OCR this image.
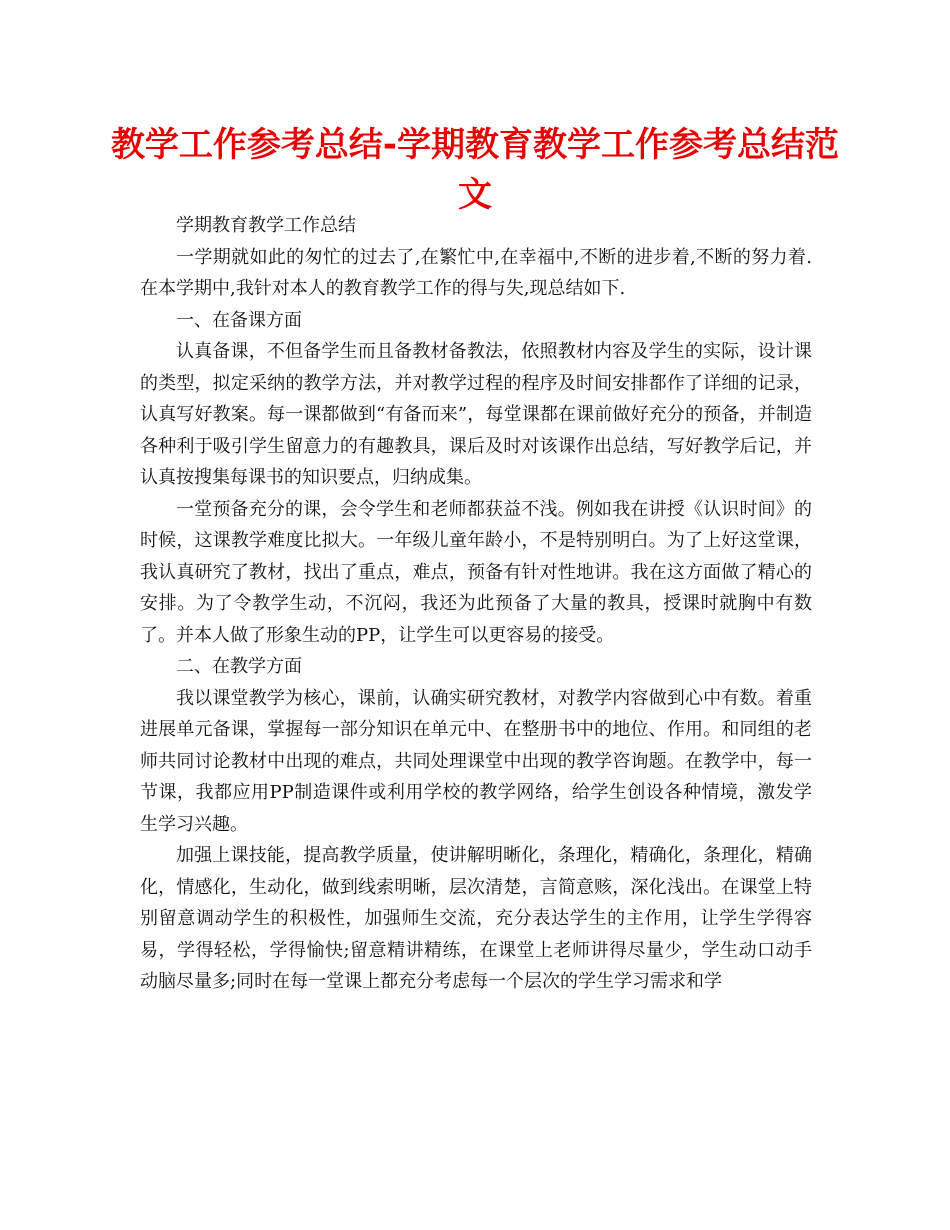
教学工作参考总结-学期教育教学工作参考总结范文

学期教育教学工作总结

一学期就如此的匆忙的过去了,在繁忙中,在幸福中,不断的进步着,不断的努力着.在本学期中,我针对本人的教育教学工作的得与失,现总结如下.

一、在备课方面

认真备课，不但备学生而且备教材备教法，依照教材内容及学生的实际，设计课的类型，拟定采纳的教学方法，并对教学过程的程序及时间安排都作了详细的记录，认真写好教案。每一课都做到“有备而来”，每堂课都在课前做好充分的预备，并制造各种利于吸引学生留意力的有趣教具，课后及时对该课作出总结，写好教学后记，并认真按搜集每课书的知识要点，归纳成集。

一堂预备充分的课，会令学生和老师都获益不浅。例如我在讲授《认识时间》的时候，这课教学难度比拟大。一年级儿童年龄小，不是特别明白。为了上好这堂课，我认真研究了教材，找出了重点，难点，预备有针对性地讲。我在这方面做了精心的安排。为了令教学生动，不沉闷，我还为此预备了大量的教具，授课时就胸中有数了。并本人做了形象生动的PP，让学生可以更容易的接受。

二、在教学方面

我以课堂教学为核心，课前，认确实研究教材，对教学内容做到心中有数。着重进展单元备课，掌握每一部分知识在单元中、在整册书中的地位、作用。和同组的老师共同讨论教材中出现的难点，共同处理课堂中出现的教学咨询题。在教学中，每一节课，我都应用PP制造课件或利用学校的教学网络，给学生创设各种情境，激发学生学习兴趣。

加强上课技能，提高教学质量，使讲解明晰化，条理化，精确化，条理化，精确化，情感化，生动化，做到线索明晰，层次清楚，言简意赅，深化浅出。在课堂上特别留意调动学生的积极性，加强师生交流，充分表达学生的主作用，让学生学得容易，学得轻松，学得愉快;留意精讲精练，在课堂上老师讲得尽量少，学生动口动手动脑尽量多;同时在每一堂课上都充分考虑每一个层次的学生学习需求和学
